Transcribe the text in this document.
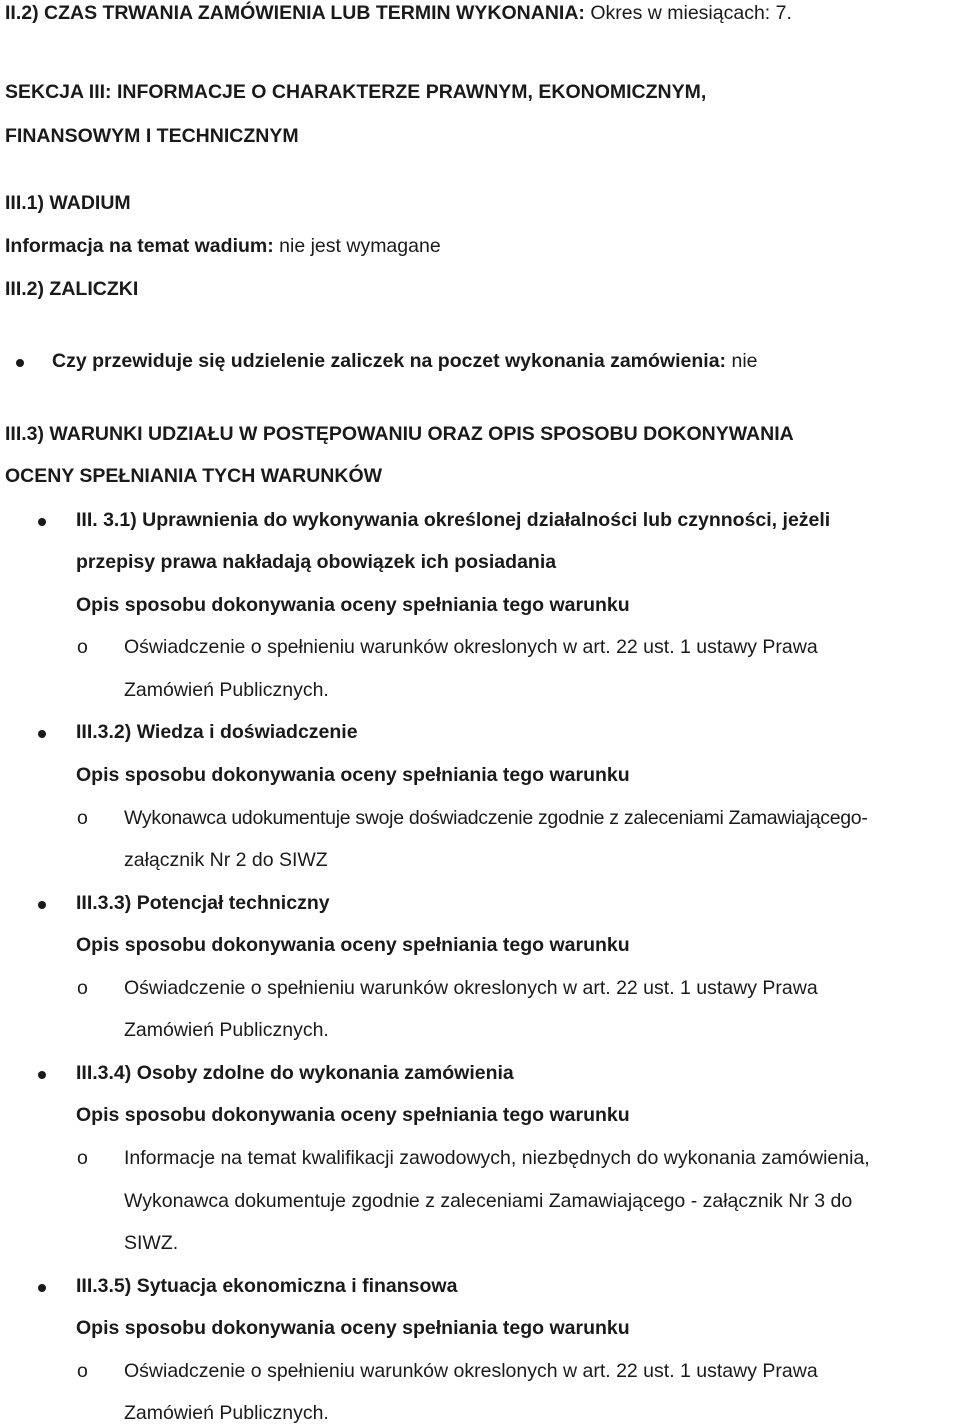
II.2) CZAS TRWANIA ZAMÓWIENIA LUB TERMIN WYKONANIA: Okres w miesiącach: 7.
SEKCJA III: INFORMACJE O CHARAKTERZE PRAWNYM, EKONOMICZNYM,
FINANSOWYM I TECHNICZNYM
III.1) WADIUM
Informacja na temat wadium: nie jest wymagane
III.2) ZALICZKI
Czy przewiduje się udzielenie zaliczek na poczet wykonania zamówienia: nie
III.3) WARUNKI UDZIAŁU W POSTĘPOWANIU ORAZ OPIS SPOSOBU DOKONYWANIA
OCENY SPEŁNIANIA TYCH WARUNKÓW
III. 3.1) Uprawnienia do wykonywania określonej działalności lub czynności, jeżeli
przepisy prawa nakładają obowiązek ich posiadania
Opis sposobu dokonywania oceny spełniania tego warunku
o Oświadczenie o spełnieniu warunków okreslonych w art. 22 ust. 1 ustawy Prawa
Zamówień Publicznych.
III.3.2) Wiedza i doświadczenie
Opis sposobu dokonywania oceny spełniania tego warunku
o Wykonawca udokumentuje swoje doświadczenie zgodnie z zaleceniami Zamawiającego-
załącznik Nr 2 do SIWZ
III.3.3) Potencjał techniczny
Opis sposobu dokonywania oceny spełniania tego warunku
o Oświadczenie o spełnieniu warunków okreslonych w art. 22 ust. 1 ustawy Prawa
Zamówień Publicznych.
III.3.4) Osoby zdolne do wykonania zamówienia
Opis sposobu dokonywania oceny spełniania tego warunku
o Informacje na temat kwalifikacji zawodowych, niezbędnych do wykonania zamówienia,
Wykonawca dokumentuje zgodnie z zaleceniami Zamawiającego - załącznik Nr 3 do
SIWZ.
III.3.5) Sytuacja ekonomiczna i finansowa
Opis sposobu dokonywania oceny spełniania tego warunku
o Oświadczenie o spełnieniu warunków okreslonych w art. 22 ust. 1 ustawy Prawa
Zamówień Publicznych.
